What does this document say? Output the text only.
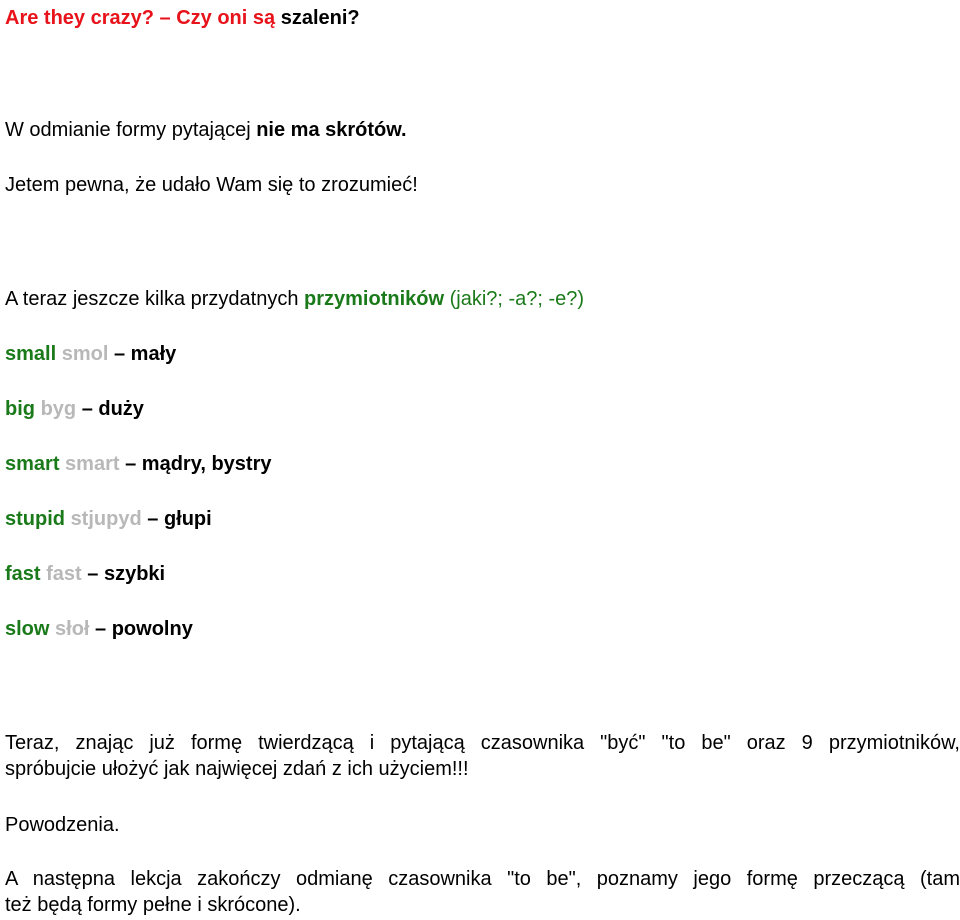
Are they crazy? – Czy oni są szaleni?
W odmianie formy pytającej nie ma skrótów.
Jetem pewna, że udało Wam się to zrozumieć!
A teraz jeszcze kilka przydatnych przymiotników (jaki?; -a?; -e?)
small smol – mały
big byg – duży
smart smart – mądry, bystry
stupid stjupyd – głupi
fast fast – szybki
slow słoł – powolny
Teraz, znając już formę twierdzącą i pytającą czasownika "być" "to be" oraz 9 przymiotników,
spróbujcie ułożyć jak najwięcej zdań z ich użyciem!!!
Powodzenia.
A następna lekcja zakończy odmianę czasownika "to be", poznamy jego formę przeczącą (tam
też będą formy pełne i skrócone).
